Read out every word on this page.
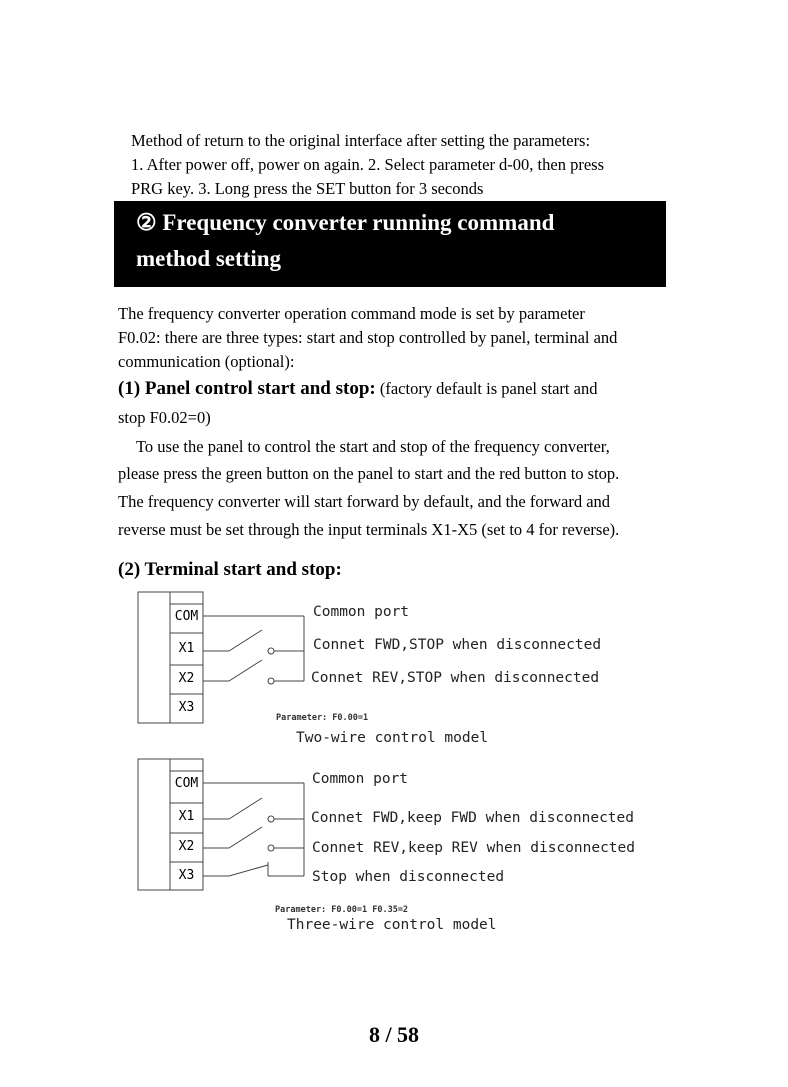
Method of return to the original interface after setting the parameters:
1. After power off, power on again. 2. Select parameter d-00, then press
PRG key. 3. Long press the SET button for 3 seconds
② Frequency converter running command
method setting
The frequency converter operation command mode is set by parameter
F0.02: there are three types: start and stop controlled by panel, terminal and
communication (optional):
(1) Panel control start and stop: (factory default is panel start and
stop F0.02=0)
To use the panel to control the start and stop of the frequency converter,
please press the green button on the panel to start and the red button to stop.
The frequency converter will start forward by default, and the forward and
reverse must be set through the input terminals X1-X5 (set to 4 for reverse).
(2) Terminal start and stop:
COM
X1
X2
X3
Common port
Connet FWD,STOP when disconnected
Connet REV,STOP when disconnected
Parameter: F0.00=1
Two-wire control model
COM
X1
X2
X3
Common port
Connet FWD,keep FWD when disconnected
Connet REV,keep REV when disconnected
Stop when disconnected
Parameter: F0.00=1 F0.35=2
Three-wire control model
8 / 58
